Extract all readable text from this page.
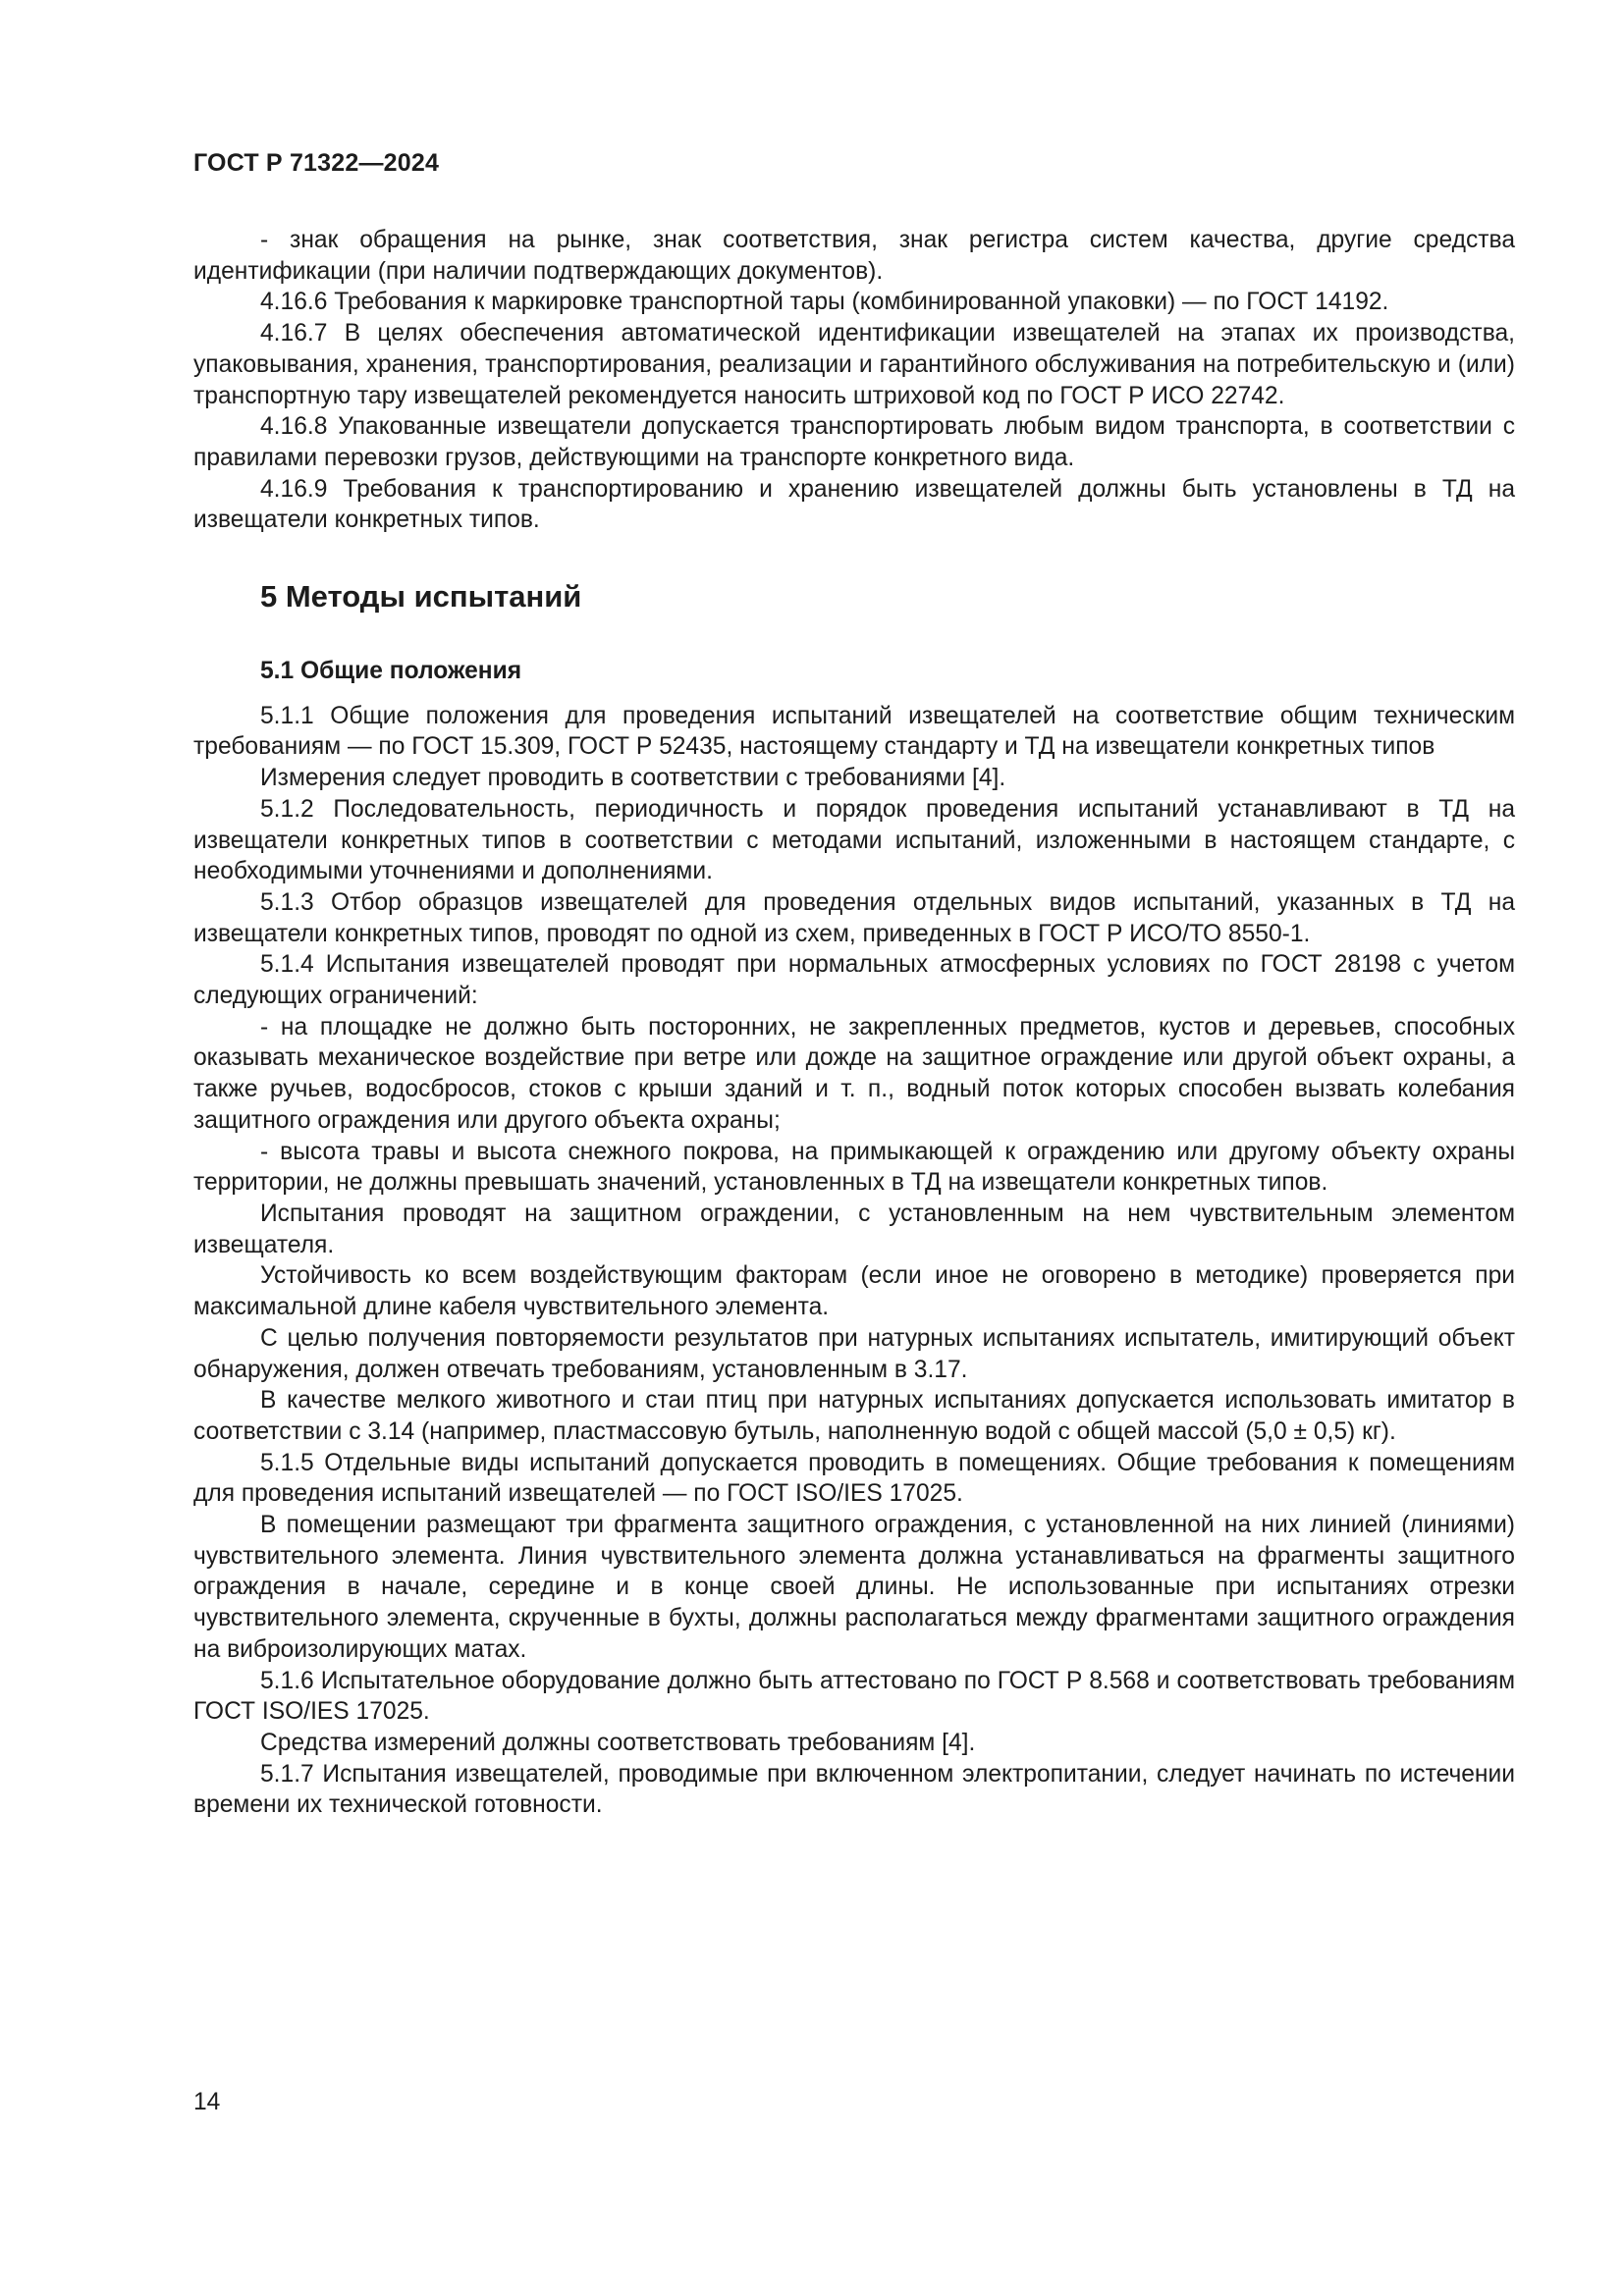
ГОСТ Р 71322—2024

- знак обращения на рынке, знак соответствия, знак регистра систем качества, другие средства идентификации (при наличии подтверждающих документов).

4.16.6 Требования к маркировке транспортной тары (комбинированной упаковки) — по ГОСТ 14192.

4.16.7 В целях обеспечения автоматической идентификации извещателей на этапах их производства, упаковывания, хранения, транспортирования, реализации и гарантийного обслуживания на потребительскую и (или) транспортную тару извещателей рекомендуется наносить штриховой код по ГОСТ Р ИСО 22742.

4.16.8 Упакованные извещатели допускается транспортировать любым видом транспорта, в соответствии с правилами перевозки грузов, действующими на транспорте конкретного вида.

4.16.9 Требования к транспортированию и хранению извещателей должны быть установлены в ТД на извещатели конкретных типов.

5 Методы испытаний
5.1 Общие положения

5.1.1 Общие положения для проведения испытаний извещателей на соответствие общим техническим требованиям — по ГОСТ 15.309, ГОСТ Р 52435, настоящему стандарту и ТД на извещатели конкретных типов

Измерения следует проводить в соответствии с требованиями [4].

5.1.2 Последовательность, периодичность и порядок проведения испытаний устанавливают в ТД на извещатели конкретных типов в соответствии с методами испытаний, изложенными в настоящем стандарте, с необходимыми уточнениями и дополнениями.

5.1.3 Отбор образцов извещателей для проведения отдельных видов испытаний, указанных в ТД на извещатели конкретных типов, проводят по одной из схем, приведенных в ГОСТ Р ИСО/ТО 8550-1.

5.1.4 Испытания извещателей проводят при нормальных атмосферных условиях по ГОСТ 28198 с учетом следующих ограничений:

- на площадке не должно быть посторонних, не закрепленных предметов, кустов и деревьев, способных оказывать механическое воздействие при ветре или дожде на защитное ограждение или другой объект охраны, а также ручьев, водосбросов, стоков с крыши зданий и т. п., водный поток которых способен вызвать колебания защитного ограждения или другого объекта охраны;

- высота травы и высота снежного покрова, на примыкающей к ограждению или другому объекту охраны территории, не должны превышать значений, установленных в ТД на извещатели конкретных типов.

Испытания проводят на защитном ограждении, с установленным на нем чувствительным элементом извещателя.

Устойчивость ко всем воздействующим факторам (если иное не оговорено в методике) проверяется при максимальной длине кабеля чувствительного элемента.

С целью получения повторяемости результатов при натурных испытаниях испытатель, имитирующий объект обнаружения, должен отвечать требованиям, установленным в 3.17.

В качестве мелкого животного и стаи птиц при натурных испытаниях допускается использовать имитатор в соответствии с 3.14 (например, пластмассовую бутыль, наполненную водой с общей массой (5,0 ± 0,5) кг).

5.1.5 Отдельные виды испытаний допускается проводить в помещениях. Общие требования к помещениям для проведения испытаний извещателей — по ГОСТ ISO/IES 17025.

В помещении размещают три фрагмента защитного ограждения, с установленной на них линией (линиями) чувствительного элемента. Линия чувствительного элемента должна устанавливаться на фрагменты защитного ограждения в начале, середине и в конце своей длины. Не использованные при испытаниях отрезки чувствительного элемента, скрученные в бухты, должны располагаться между фрагментами защитного ограждения на виброизолирующих матах.

5.1.6 Испытательное оборудование должно быть аттестовано по ГОСТ Р 8.568 и соответствовать требованиям ГОСТ ISO/IES 17025.

Средства измерений должны соответствовать требованиям [4].

5.1.7 Испытания извещателей, проводимые при включенном электропитании, следует начинать по истечении времени их технической готовности.

14
